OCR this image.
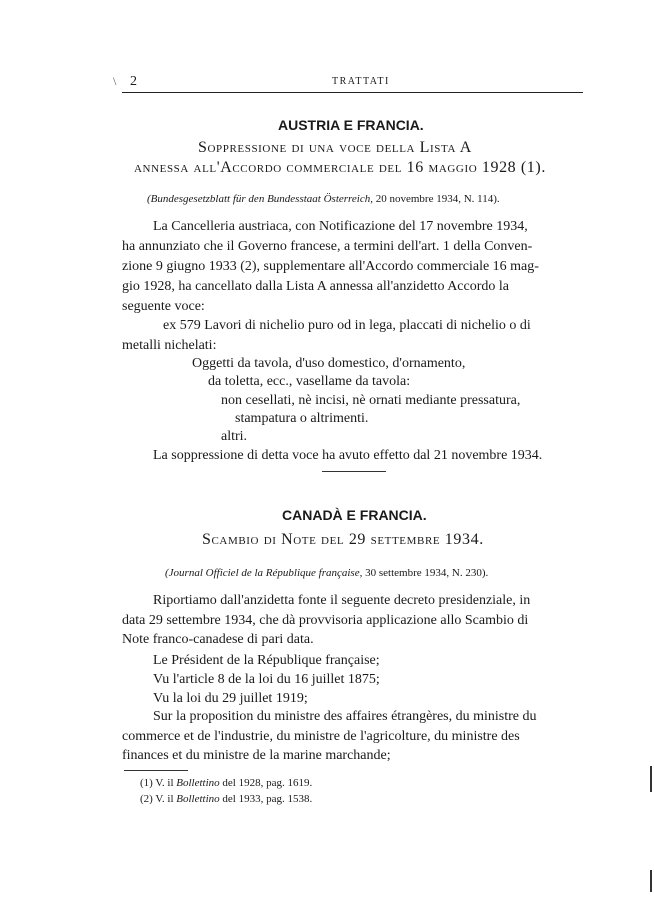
\ 2	TRATTATI
AUSTRIA E FRANCIA.
Soppressione di una voce della Lista A
annessa all'Accordo commerciale del 16 maggio 1928 (1).
(Bundesgesetzblatt für den Bundesstaat Österreich, 20 novembre 1934, N. 114).
La Cancelleria austriaca, con Notificazione del 17 novembre 1934,
ha annunziato che il Governo francese, a termini dell'art. 1 della Conven-
zione 9 giugno 1933 (2), supplementare all'Accordo commerciale 16 mag-
gio 1928, ha cancellato dalla Lista A annessa all'anzidetto Accordo la
seguente voce:
ex 579 Lavori di nichelio puro od in lega, placcati di nichelio o di
metalli nichelati:
Oggetti da tavola, d'uso domestico, d'ornamento,
da toletta, ecc., vasellame da tavola:
non cesellati, nè incisi, nè ornati mediante pressatura,
stampatura o altrimenti.
altri.
La soppressione di detta voce ha avuto effetto dal 21 novembre 1934.
CANADÀ E FRANCIA.
Scambio di Note del 29 settembre 1934.
(Journal Officiel de la République française, 30 settembre 1934, N. 230).
Riportiamo dall'anzidetta fonte il seguente decreto presidenziale, in
data 29 settembre 1934, che dà provvisoria applicazione allo Scambio di
Note franco-canadese di pari data.
Le Président de la République française;
Vu l'article 8 de la loi du 16 juillet 1875;
Vu la loi du 29 juillet 1919;
Sur la proposition du ministre des affaires étrangères, du ministre du
commerce et de l'industrie, du ministre de l'agricolture, du ministre des
finances et du ministre de la marine marchande;
(1) V. il Bollettino del 1928, pag. 1619.
(2) V. il Bollettino del 1933, pag. 1538.
